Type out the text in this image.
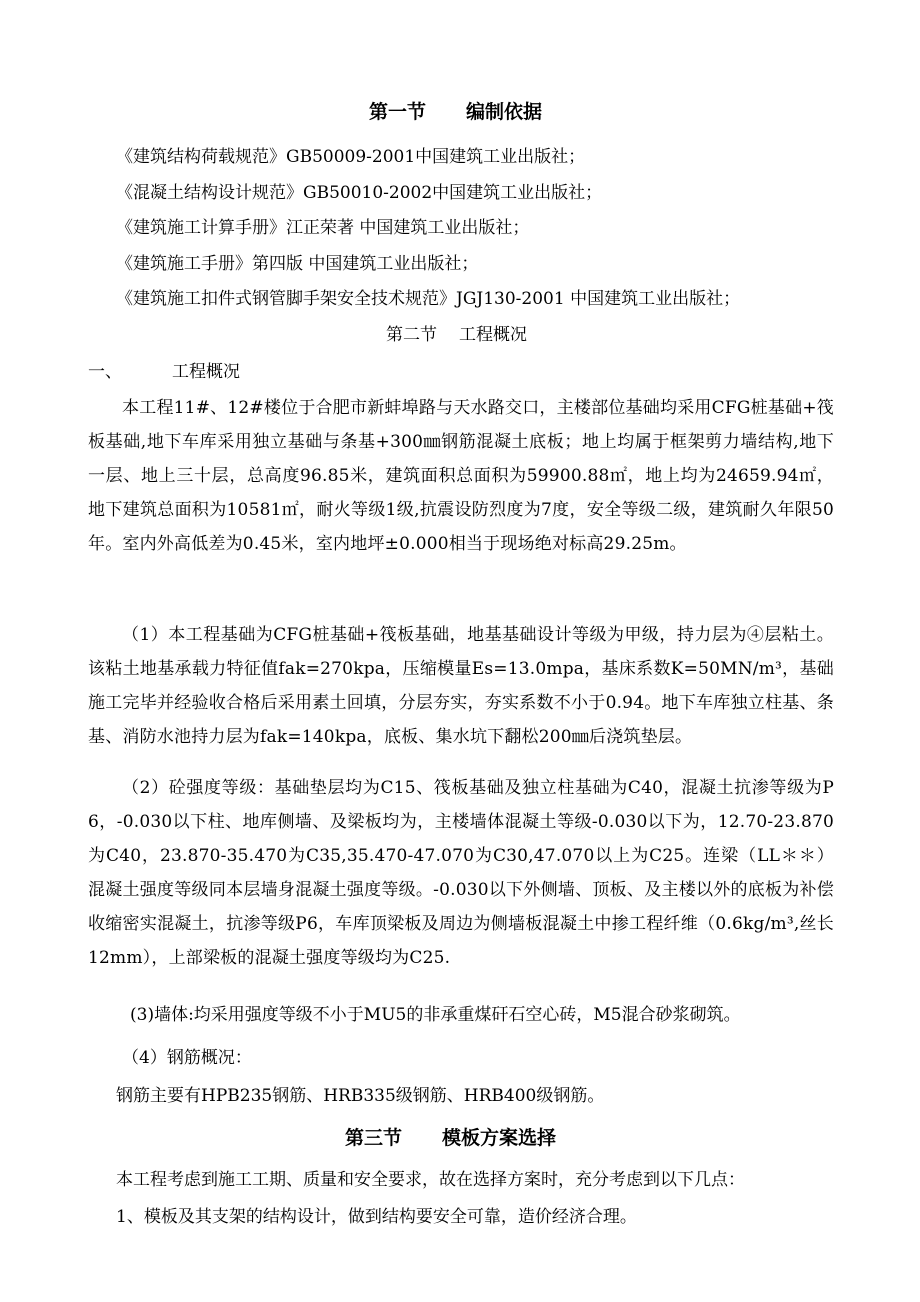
第一节 编制依据
《建筑结构荷载规范》GB50009-2001中国建筑工业出版社；
《混凝土结构设计规范》GB50010-2002中国建筑工业出版社；
《建筑施工计算手册》江正荣著 中国建筑工业出版社；
《建筑施工手册》第四版 中国建筑工业出版社；
《建筑施工扣件式钢管脚手架安全技术规范》JGJ130-2001 中国建筑工业出版社；
第二节 工程概况
一、	工程概况
本工程11#、12#楼位于合肥市新蚌埠路与天水路交口，主楼部位基础均采用CFG桩基础+筏板基础,地下车库采用独立基础与条基+300㎜钢筋混凝土底板；地上均属于框架剪力墙结构,地下一层、地上三十层，总高度96.85米，建筑面积总面积为59900.88㎡，地上均为24659.94㎡，地下建筑总面积为10581㎡，耐火等级1级,抗震设防烈度为7度，安全等级二级，建筑耐久年限50年。室内外高低差为0.45米，室内地坪±0.000相当于现场绝对标高29.25m。
（1）本工程基础为CFG桩基础+筏板基础，地基基础设计等级为甲级，持力层为④层粘土。该粘土地基承载力特征值fak=270kpa，压缩模量Es=13.0mpa，基床系数K=50MN/m³，基础施工完毕并经验收合格后采用素土回填，分层夯实，夯实系数不小于0.94。地下车库独立柱基、条基、消防水池持力层为fak=140kpa，底板、集水坑下翻松200㎜后浇筑垫层。
（2）砼强度等级：基础垫层均为C15、筏板基础及独立柱基础为C40，混凝土抗渗等级为P6，-0.030以下柱、地库侧墙、及梁板均为，主楼墙体混凝土等级-0.030以下为，12.70-23.870为C40，23.870-35.470为C35,35.470-47.070为C30,47.070以上为C25。连梁（LL＊＊）混凝土强度等级同本层墙身混凝土强度等级。-0.030以下外侧墙、顶板、及主楼以外的底板为补偿收缩密实混凝土，抗渗等级P6，车库顶梁板及周边为侧墙板混凝土中掺工程纤维（0.6kg/m³,丝长12mm），上部梁板的混凝土强度等级均为C25.
(3)墙体:均采用强度等级不小于MU5的非承重煤矸石空心砖，M5混合砂浆砌筑。
（4）钢筋概况：
钢筋主要有HPB235钢筋、HRB335级钢筋、HRB400级钢筋。
第三节 模板方案选择
本工程考虑到施工工期、质量和安全要求，故在选择方案时，充分考虑到以下几点：
1、模板及其支架的结构设计，做到结构要安全可靠，造价经济合理。
